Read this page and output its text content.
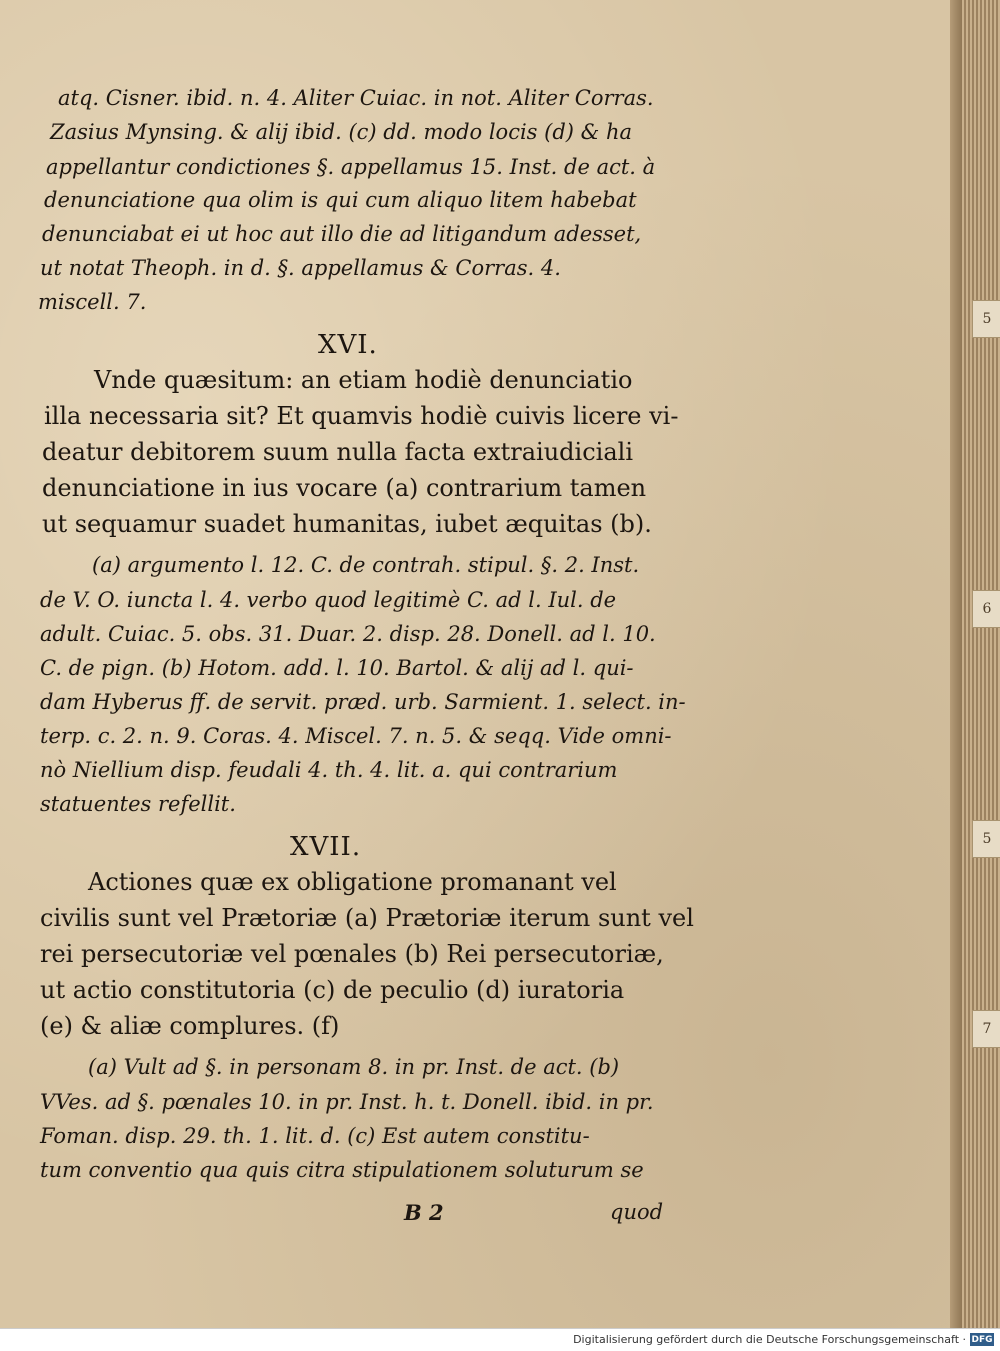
5
6
5
7
atq. Cisner. ibid. n. 4. Aliter Cuiac. in not. Aliter Corras.
Zasius Mynsing. & alij ibid. (c) dd. modo locis (d) & ha
appellantur condictiones §. appellamus 15. Inst. de act. à
denunciatione qua olim is qui cum aliquo litem habebat
denunciabat ei ut hoc aut illo die ad litigandum adesset,
ut notat Theoph. in d. §. appellamus & Corras. 4.
miscell. 7.
XVI.
Vnde quæsitum: an etiam hodiè denunciatio
illa necessaria sit? Et quamvis hodiè cuivis licere vi-
deatur debitorem suum nulla facta extraiudiciali
denunciatione in ius vocare (a) contrarium tamen
ut sequamur suadet humanitas, iubet æquitas (b).
(a) argumento l. 12. C. de contrah. stipul. §. 2. Inst.
de V. O. iuncta l. 4. verbo quod legitimè C. ad l. Iul. de
adult. Cuiac. 5. obs. 31. Duar. 2. disp. 28. Donell. ad l. 10.
C. de pign. (b) Hotom. add. l. 10. Bartol. & alij ad l. qui-
dam Hyberus ff. de servit. præd. urb. Sarmient. 1. select. in-
terp. c. 2. n. 9. Coras. 4. Miscel. 7. n. 5. & seqq. Vide omni-
nò Niellium disp. feudali 4. th. 4. lit. a. qui contrarium
statuentes refellit.
XVII.
Actiones quæ ex obligatione promanant vel
civilis sunt vel Prætoriæ (a) Prætoriæ iterum sunt vel
rei persecutoriæ vel pœnales (b) Rei persecutoriæ,
ut actio constitutoria (c) de peculio (d) iuratoria
(e) & aliæ complures. (f)
(a) Vult ad §. in personam 8. in pr. Inst. de act. (b)
VVes. ad §. pœnales 10. in pr. Inst. h. t. Donell. ibid. in pr.
Foman. disp. 29. th. 1. lit. d. (c) Est autem constitu-
tum conventio qua quis citra stipulationem soluturum se
B 2	quod
Digitalisierung gefördert durch die Deutsche Forschungsgemeinschaft · DFG
